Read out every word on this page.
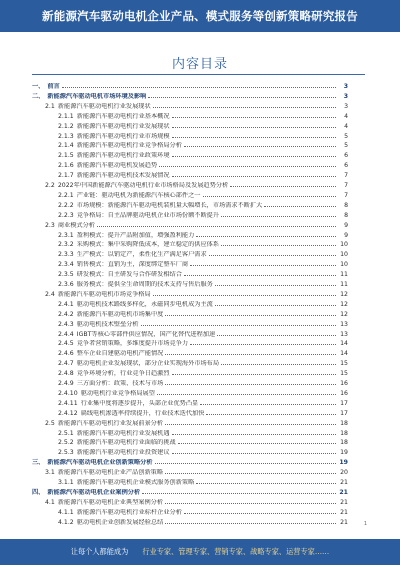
新能源汽车驱动电机企业产品、模式服务等创新策略研究报告
内容目录
一、 前言	3
二、 新能源汽车驱动电机市场环境及影响	3
2.1 新能源汽车驱动电机行业发展现状	3
2.1.1 新能源汽车驱动电机行业基本概况	4
2.1.2 新能源汽车驱动电机行业发展现状	4
2.1.3 新能源汽车驱动电机行业市场规模	5
2.1.4 新能源汽车驱动电机行业竞争格局分析	5
2.1.5 新能源汽车驱动电机行业政策环境	6
2.1.6 新能源汽车驱动电机发展趋势	6
2.1.7 新能源汽车驱动电机技术发展情况	7
2.2 2022年中国新能源汽车驱动电机行业市场格局及发展趋势分析	7
2.2.1 产业链：驱动电机为新能源汽车核心部件之一	7
2.2.2 市场规模：新能源汽车驱动电机装机量大幅增长，市场需求不断扩大	8
2.2.3 竞争格局：自主品牌驱动电机企业市场份额不断提升	8
2.3 商业模式分析	9
2.3.1 盈利模式：提升产品附加值，增强盈利能力	9
2.3.2 采购模式：集中采购降低成本，建立稳定的供应体系	10
2.3.3 生产模式：以销定产，柔性化生产满足客户需求	10
2.3.4 销售模式：直销为主，深度绑定整车厂商	10
2.3.5 研发模式：自主研发与合作研发相结合	11
2.3.6 服务模式：提供全生命周期的技术支持与售后服务	11
2.4 新能源汽车驱动电机市场竞争格局	12
2.4.1 驱动电机技术路线多样化，永磁同步电机成为主流	12
2.4.2 新能源汽车驱动电机市场集中度	12
2.4.3 驱动电机技术壁垒分析	13
2.4.4 IGBT等核心零部件供应情况，国产化替代进程加速	13
2.4.5 竞争者营销策略，多维度提升市场竞争力	14
2.4.6 整车企业自建驱动电机产能情况	14
2.4.7 驱动电机企业发展现状，部分企业实现海外市场布局	15
2.4.8 竞争环境分析，行业竞争日趋激烈	15
2.4.9 三方面分析：政策、技术与市场	16
2.4.10 驱动电机行业竞争格局展望	16
2.4.11 行业集中度将逐步提升，头部企业优势凸显	17
2.4.12 扁线电机渗透率持续提升，行业技术迭代加快	17
2.5 新能源汽车驱动电机行业发展前景分析	18
2.5.1 新能源汽车驱动电机行业发展机遇	18
2.5.2 新能源汽车驱动电机行业面临的挑战	18
2.5.3 新能源汽车驱动电机行业投资建议	19
三、 新能源汽车驱动电机企业创新策略分析	19
3.1 新能源汽车驱动电机企业产品创新策略	20
3.1.1 新能源汽车驱动电机企业模式服务创新策略	21
四、 新能源汽车驱动电机企业案例分析	21
4.1 新能源汽车驱动电机企业典型案例分析	21
4.1.1 新能源汽车驱动电机行业标杆企业分析	21
4.1.2 驱动电机企业创新发展经验总结	21	1
让每个人都能成为 行业专家、管理专家、营销专家、战略专家、运营专家……
